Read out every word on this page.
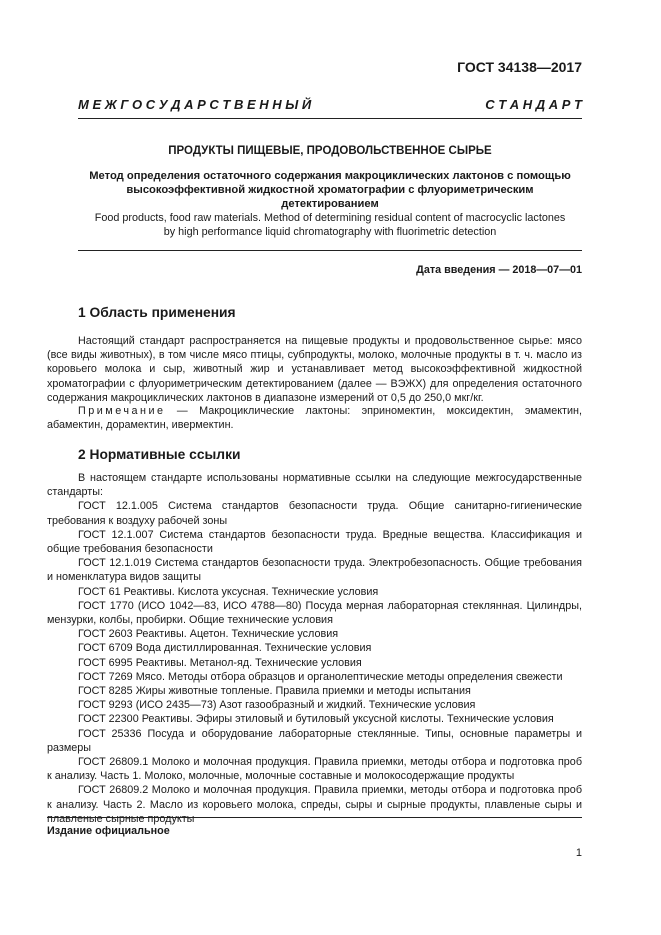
ГОСТ 34138—2017
М Е Ж Г О С У Д А Р С Т В Е Н Н Ы Й	С Т А Н Д А Р Т
ПРОДУКТЫ ПИЩЕВЫЕ, ПРОДОВОЛЬСТВЕННОЕ СЫРЬЕ
Метод определения остаточного содержания макроциклических лактонов с помощью
высокоэффективной жидкостной хроматографии с флуориметрическим детектированием
Food products, food raw materials. Method of determining residual content of macrocyclic lactones
by high performance liquid chromatography with fluorimetric detection
Дата введения — 2018—07—01
1 Область применения

Настоящий стандарт распространяется на пищевые продукты и продовольственное сырье: мясо (все виды животных), в том числе мясо птицы, субпродукты, молоко, молочные продукты в т. ч. масло из коровьего молока и сыр, животный жир и устанавливает метод высокоэффективной жидкостной хроматографии с флуориметрическим детектированием (далее — ВЭЖХ) для определения остаточного содержания макроциклических лактонов в диапазоне измерений от 0,5 до 250,0 мкг/кг.

Примечание — Макроциклические лактоны: эприномектин, моксидектин, эмамектин, абамектин, дорамектин, ивермектин.

2 Нормативные ссылки

В настоящем стандарте использованы нормативные ссылки на следующие межгосударственные стандарты:

ГОСТ 12.1.005 Система стандартов безопасности труда. Общие санитарно-гигиенические требования к воздуху рабочей зоны

ГОСТ 12.1.007 Система стандартов безопасности труда. Вредные вещества. Классификация и общие требования безопасности

ГОСТ 12.1.019 Система стандартов безопасности труда. Электробезопасность. Общие требования и номенклатура видов защиты

ГОСТ 61 Реактивы. Кислота уксусная. Технические условия

ГОСТ 1770 (ИСО 1042—83, ИСО 4788—80) Посуда мерная лабораторная стеклянная. Цилиндры, мензурки, колбы, пробирки. Общие технические условия

ГОСТ 2603 Реактивы. Ацетон. Технические условия

ГОСТ 6709 Вода дистиллированная. Технические условия

ГОСТ 6995 Реактивы. Метанол-яд. Технические условия

ГОСТ 7269 Мясо. Методы отбора образцов и органолептические методы определения свежести

ГОСТ 8285 Жиры животные топленые. Правила приемки и методы испытания

ГОСТ 9293 (ИСО 2435—73) Азот газообразный и жидкий. Технические условия

ГОСТ 22300 Реактивы. Эфиры этиловый и бутиловый уксусной кислоты. Технические условия

ГОСТ 25336 Посуда и оборудование лабораторные стеклянные. Типы, основные параметры и размеры

ГОСТ 26809.1 Молоко и молочная продукция. Правила приемки, методы отбора и подготовка проб к анализу. Часть 1. Молоко, молочные, молочные составные и молокосодержащие продукты

ГОСТ 26809.2 Молоко и молочная продукция. Правила приемки, методы отбора и подготовка проб к анализу. Часть 2. Масло из коровьего молока, спреды, сыры и сырные продукты, плавленые сыры и плавленые сырные продукты

Издание официальное
1
